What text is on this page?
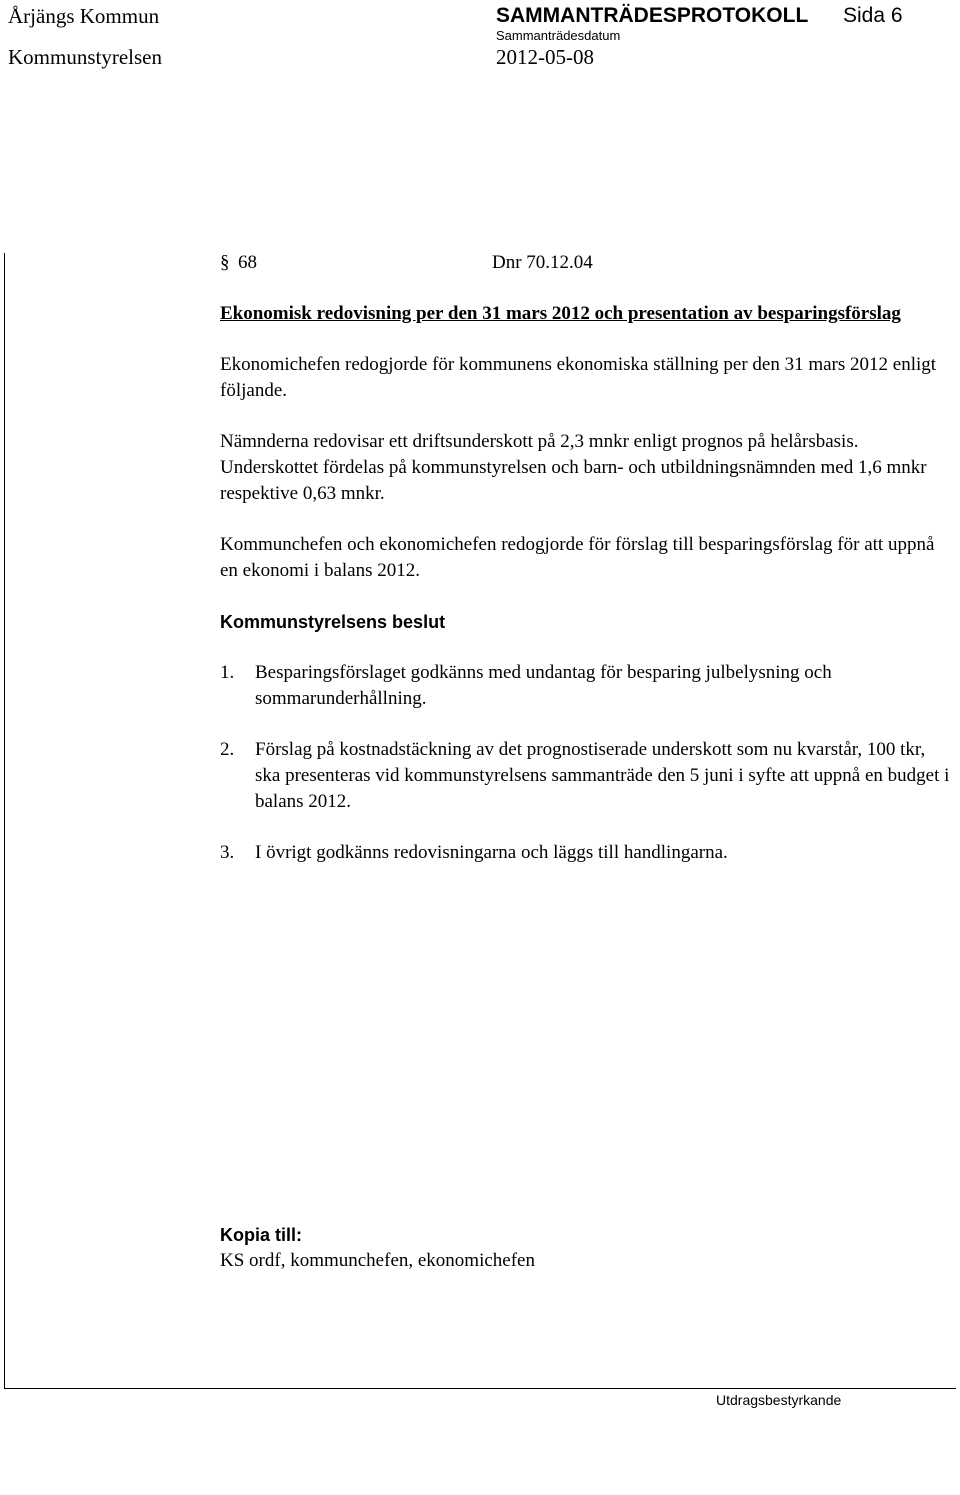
Årjängs Kommun	SAMMANTRÄDESPROTOKOLL Sida 6
Kommunstyrelsen
Sammanträdesdatum
2012-05-08
§ 68	Dnr 70.12.04

Ekonomisk redovisning per den 31 mars 2012 och presentation av besparingsförslag

Ekonomichefen redogjorde för kommunens ekonomiska ställning per den 31 mars 2012 enligt följande.

Nämnderna redovisar ett driftsunderskott på 2,3 mnkr enligt prognos på helårsbasis. Underskottet fördelas på kommunstyrelsen och barn- och utbildningsnämnden med 1,6 mnkr respektive 0,63 mnkr.

Kommunchefen och ekonomichefen redogjorde för förslag till besparingsförslag för att uppnå en ekonomi i balans 2012.

Kommunstyrelsens beslut

1. Besparingsförslaget godkänns med undantag för besparing julbelysning och sommarunderhållning.
2. Förslag på kostnadstäckning av det prognostiserade underskott som nu kvarstår, 100 tkr, ska presenteras vid kommunstyrelsens sammanträde den 5 juni i syfte att uppnå en budget i balans 2012.
3. I övrigt godkänns redovisningarna och läggs till handlingarna.
Kopia till:
KS ordf, kommunchefen, ekonomichefen
Utdragsbestyrkande
